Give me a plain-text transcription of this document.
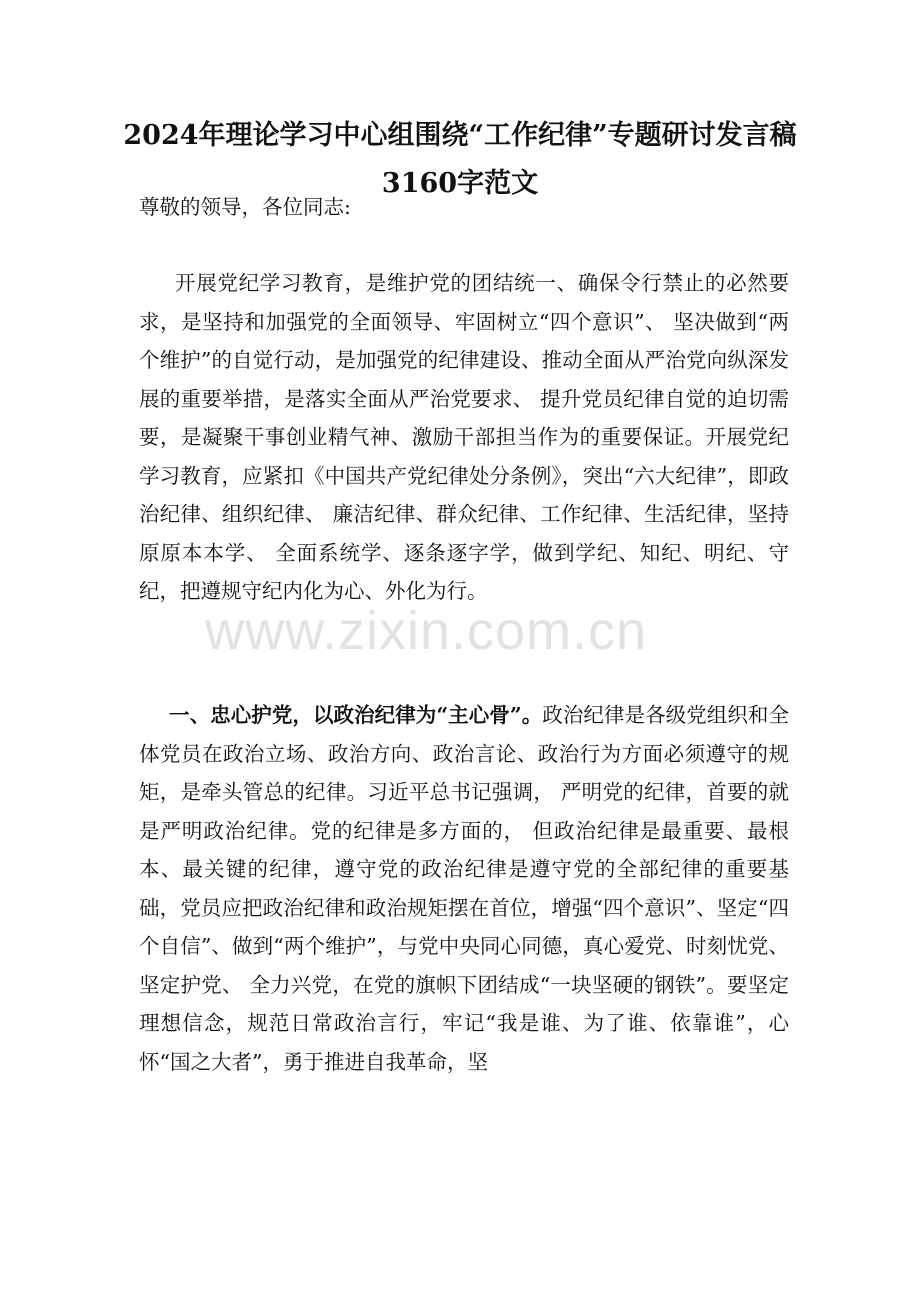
2024年理论学习中心组围绕“工作纪律”专题研讨发言稿3160字范文
尊敬的领导，各位同志:
开展党纪学习教育，是维护党的团结统一、确保令行禁止的必然要求，是坚持和加强党的全面领导、牢固树立“四个意识”、 坚决做到“两个维护”的自觉行动，是加强党的纪律建设、推动全面从严治党向纵深发展的重要举措，是落实全面从严治党要求、 提升党员纪律自觉的迫切需要，是凝聚干事创业精气神、激励干部担当作为的重要保证。开展党纪学习教育，应紧扣《中国共产党纪律处分条例》，突出“六大纪律”，即政治纪律、组织纪律、 廉洁纪律、群众纪律、工作纪律、生活纪律，坚持原原本本学、 全面系统学、逐条逐字学，做到学纪、知纪、明纪、守纪，把遵规守纪内化为心、外化为行。
一、忠心护党，以政治纪律为“主心骨”。政治纪律是各级党组织和全体党员在政治立场、政治方向、政治言论、政治行为方面必须遵守的规矩，是牵头管总的纪律。习近平总书记强调， 严明党的纪律，首要的就是严明政治纪律。党的纪律是多方面的， 但政治纪律是最重要、最根本、最关键的纪律，遵守党的政治纪律是遵守党的全部纪律的重要基础，党员应把政治纪律和政治规矩摆在首位，增强“四个意识”、坚定“四个自信”、做到“两个维护”，与党中央同心同德，真心爱党、时刻忧党、坚定护党、 全力兴党，在党的旗帜下团结成“一块坚硬的钢铁”。要坚定理想信念，规范日常政治言行，牢记“我是谁、为了谁、依靠谁”，心怀“国之大者”，勇于推进自我革命，坚
www.zixin.com.cn
